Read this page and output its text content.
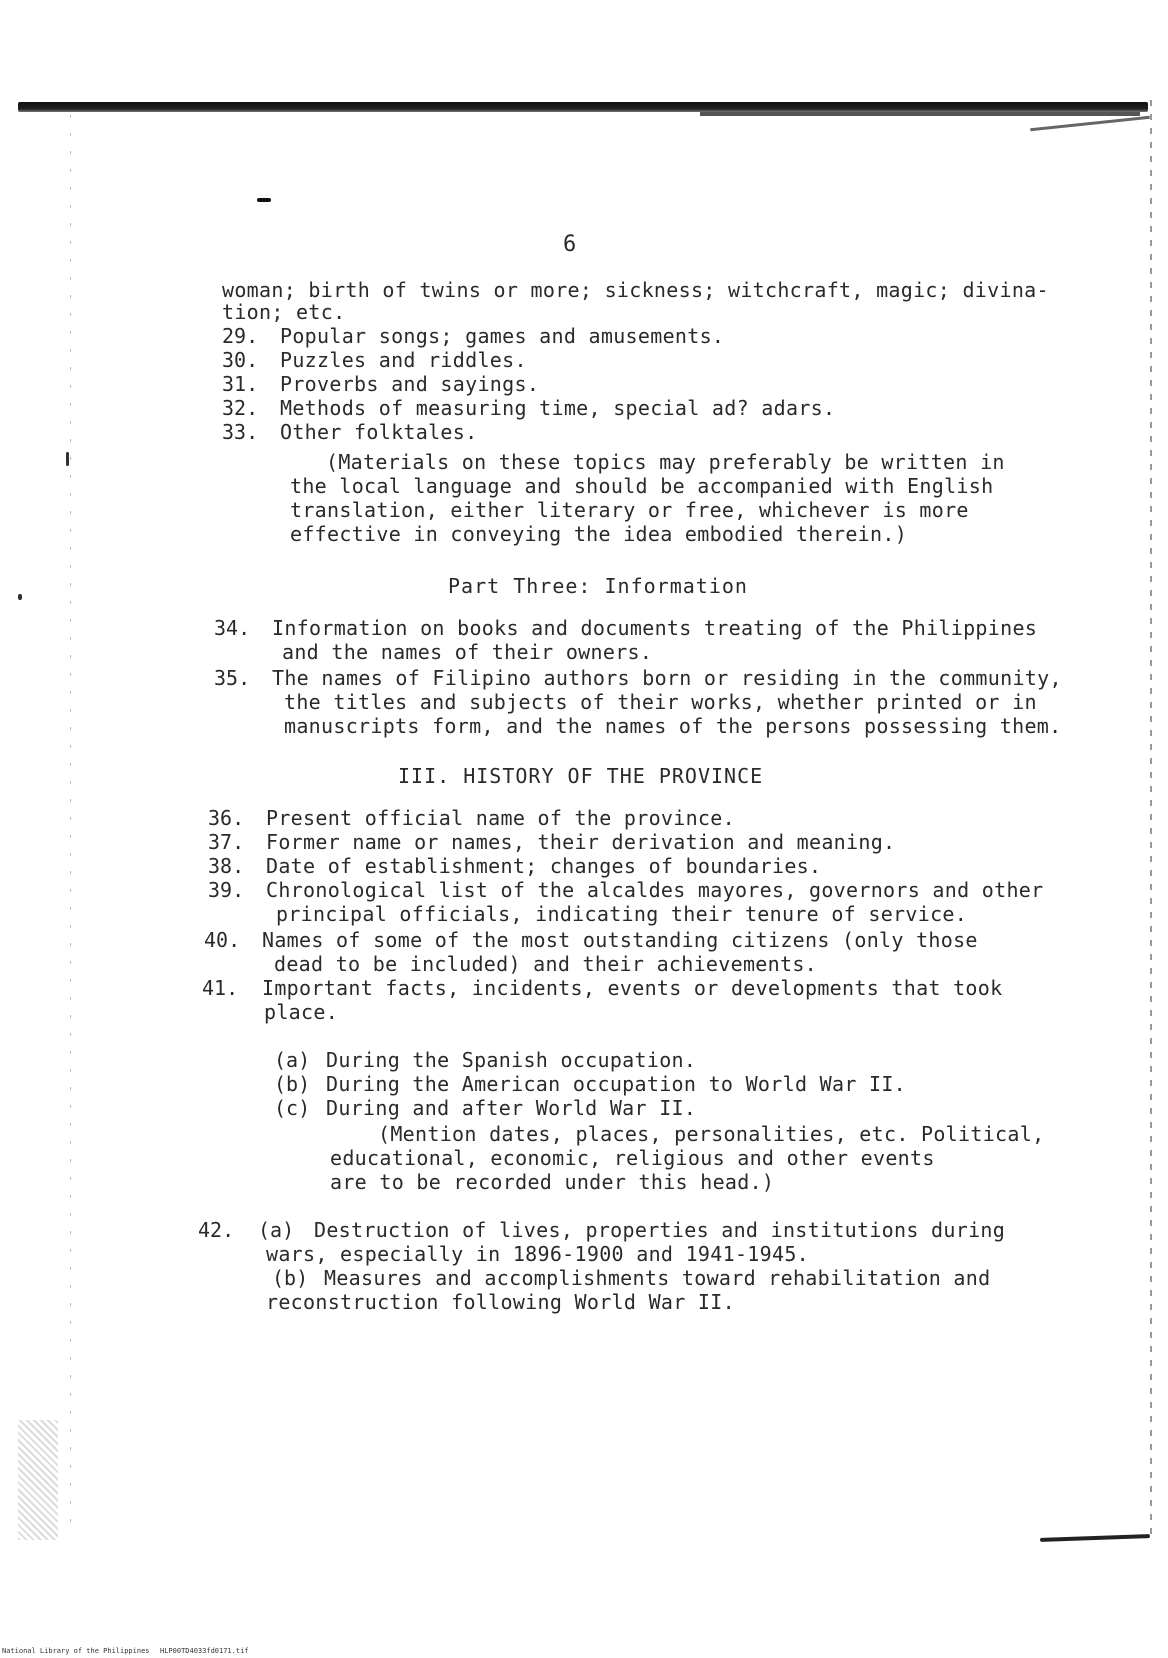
6
woman; birth of twins or more; sickness; witchcraft, magic; divina-
tion; etc.
29. Popular songs; games and amusements.
30. Puzzles and riddles.
31. Proverbs and sayings.
32. Methods of measuring time, special ad? adars.
33. Other folktales.
(Materials on these topics may preferably be written in
the local language and should be accompanied with English
translation, either literary or free, whichever is more
effective in conveying the idea embodied therein.)
Part Three: Information
34. Information on books and documents treating of the Philippines
and the names of their owners.
35. The names of Filipino authors born or residing in the community,
the titles and subjects of their works, whether printed or in
manuscripts form, and the names of the persons possessing them.
III. HISTORY OF THE PROVINCE
36. Present official name of the province.
37. Former name or names, their derivation and meaning.
38. Date of establishment; changes of boundaries.
39. Chronological list of the alcaldes mayores, governors and other
principal officials, indicating their tenure of service.
40. Names of some of the most outstanding citizens (only those
dead to be included) and their achievements.
41. Important facts, incidents, events or developments that took
place.
(a) During the Spanish occupation.
(b) During the American occupation to World War II.
(c) During and after World War II.
(Mention dates, places, personalities, etc. Political,
educational, economic, religious and other events
are to be recorded under this head.)
42. (a) Destruction of lives, properties and institutions during
wars, especially in 1896-1900 and 1941-1945.
(b) Measures and accomplishments toward rehabilitation and
reconstruction following World War II.
National Library of the Philippines HLP00TD4033fd0171.tif
